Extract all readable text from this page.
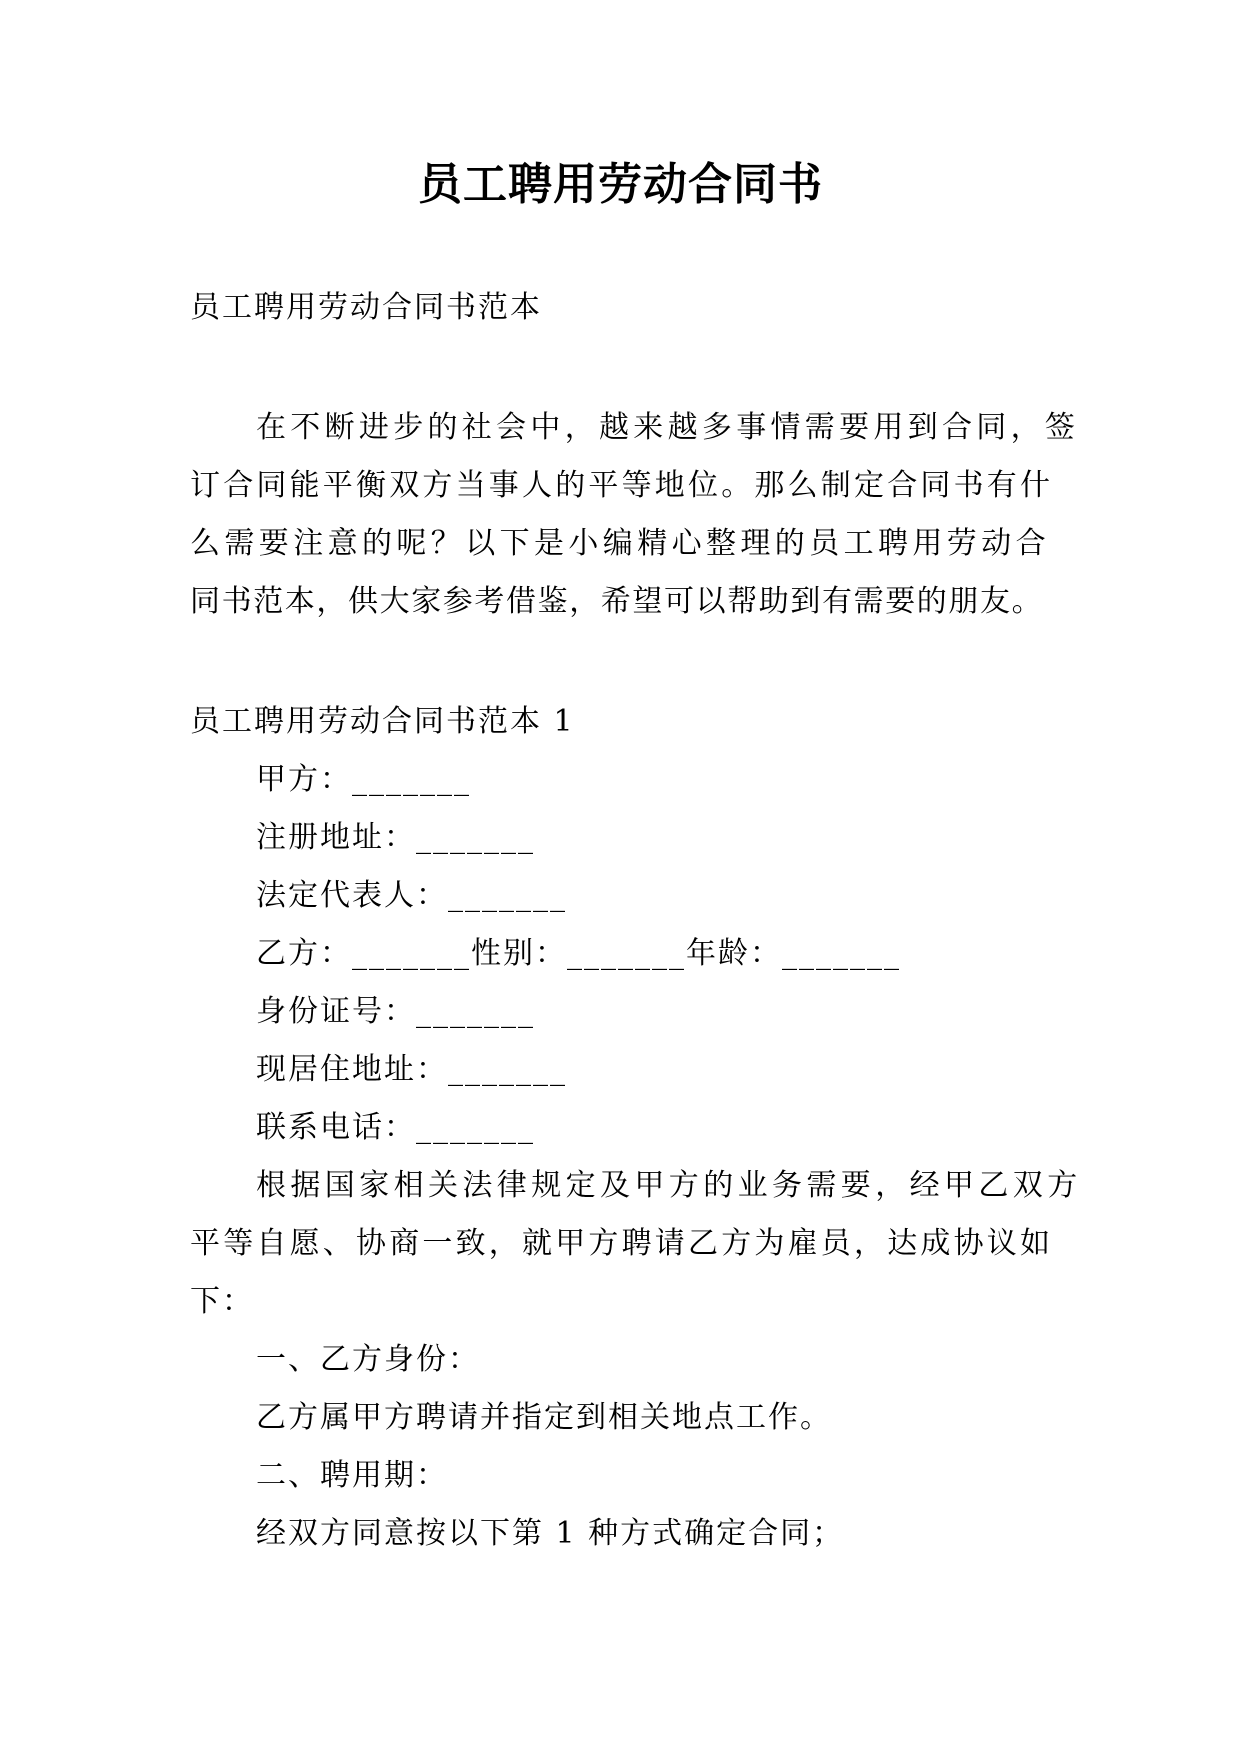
员工聘用劳动合同书
员工聘用劳动合同书范本
在不断进步的社会中，越来越多事情需要用到合同，签
订合同能平衡双方当事人的平等地位。那么制定合同书有什
么需要注意的呢？以下是小编精心整理的员工聘用劳动合
同书范本，供大家参考借鉴，希望可以帮助到有需要的朋友。
员工聘用劳动合同书范本 1
甲方：_______
注册地址：_______
法定代表人：_______
乙方：_______性别：_______年龄：_______
身份证号：_______
现居住地址：_______
联系电话：_______
根据国家相关法律规定及甲方的业务需要，经甲乙双方
平等自愿、协商一致，就甲方聘请乙方为雇员，达成协议如
下：
一、乙方身份：
乙方属甲方聘请并指定到相关地点工作。
二、聘用期：
经双方同意按以下第 1 种方式确定合同；
